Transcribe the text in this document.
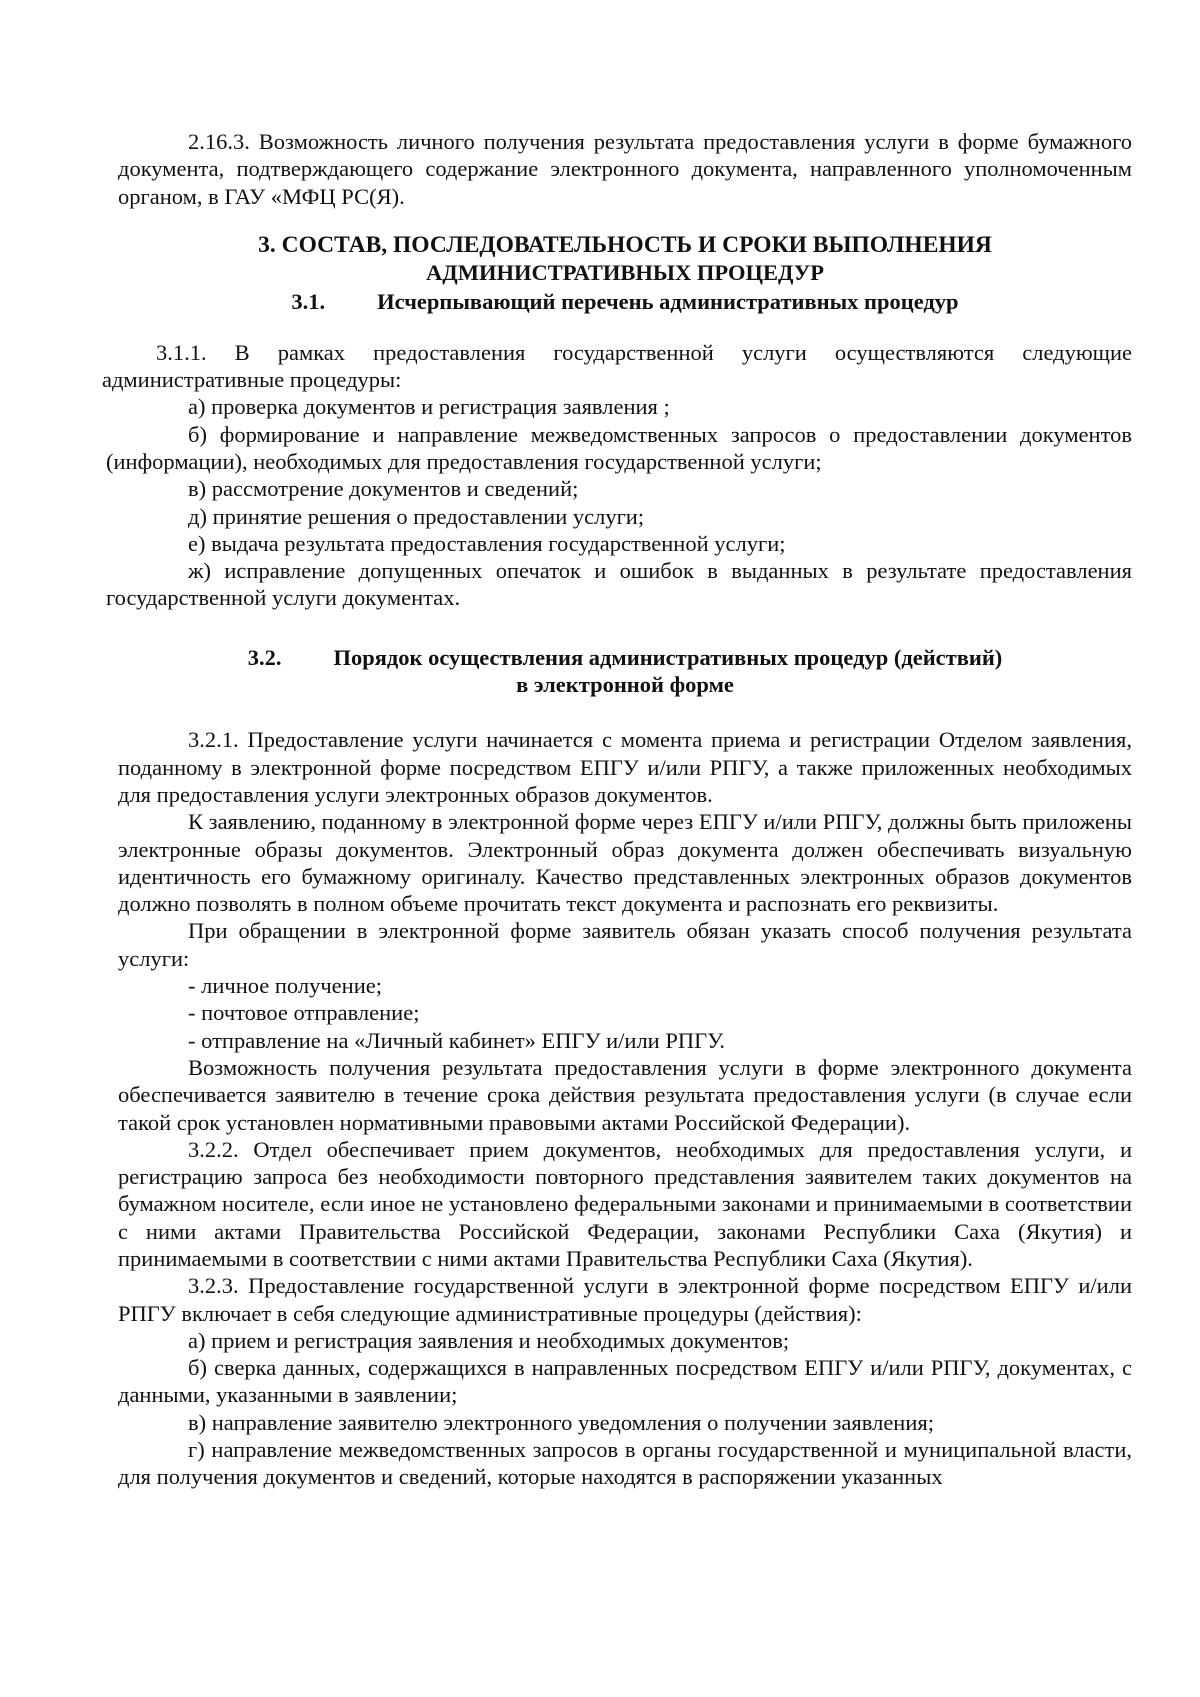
2.16.3. Возможность личного получения результата предоставления услуги в форме бумажного документа, подтверждающего содержание электронного документа, направленного уполномоченным органом, в ГАУ «МФЦ РС(Я).

3. СОСТАВ, ПОСЛЕДОВАТЕЛЬНОСТЬ И СРОКИ ВЫПОЛНЕНИЯ

АДМИНИСТРАТИВНЫХ ПРОЦЕДУР

3.1. Исчерпывающий перечень административных процедур

3.1.1. В рамках предоставления государственной услуги осуществляются следующие административные процедуры:

а) проверка документов и регистрация заявления ;

б) формирование и направление межведомственных запросов о предоставлении документов (информации), необходимых для предоставления государственной услуги;

в) рассмотрение документов и сведений;

д) принятие решения о предоставлении услуги;

е) выдача результата предоставления государственной услуги;

ж) исправление допущенных опечаток и ошибок в выданных в результате предоставления государственной услуги документах.

3.2. Порядок осуществления административных процедур (действий)

в электронной форме

3.2.1. Предоставление услуги начинается с момента приема и регистрации Отделом заявления, поданному в электронной форме посредством ЕПГУ и/или РПГУ, а также приложенных необходимых для предоставления услуги электронных образов документов.

К заявлению, поданному в электронной форме через ЕПГУ и/или РПГУ, должны быть приложены электронные образы документов. Электронный образ документа должен обеспечивать визуальную идентичность его бумажному оригиналу. Качество представленных электронных образов документов должно позволять в полном объеме прочитать текст документа и распознать его реквизиты.

При обращении в электронной форме заявитель обязан указать способ получения результата услуги:

- личное получение;

- почтовое отправление;

- отправление на «Личный кабинет» ЕПГУ и/или РПГУ.

Возможность получения результата предоставления услуги в форме электронного документа обеспечивается заявителю в течение срока действия результата предоставления услуги (в случае если такой срок установлен нормативными правовыми актами Российской Федерации).

3.2.2. Отдел обеспечивает прием документов, необходимых для предоставления услуги, и регистрацию запроса без необходимости повторного представления заявителем таких документов на бумажном носителе, если иное не установлено федеральными законами и принимаемыми в соответствии с ними актами Правительства Российской Федерации, законами Республики Саха (Якутия) и принимаемыми в соответствии с ними актами Правительства Республики Саха (Якутия).

3.2.3. Предоставление государственной услуги в электронной форме посредством ЕПГУ и/или РПГУ включает в себя следующие административные процедуры (действия):

а) прием и регистрация заявления и необходимых документов;

б) сверка данных, содержащихся в направленных посредством ЕПГУ и/или РПГУ, документах, с данными, указанными в заявлении;

в) направление заявителю электронного уведомления о получении заявления;

г) направление межведомственных запросов в органы государственной и муниципальной власти, для получения документов и сведений, которые находятся в распоряжении указанных
